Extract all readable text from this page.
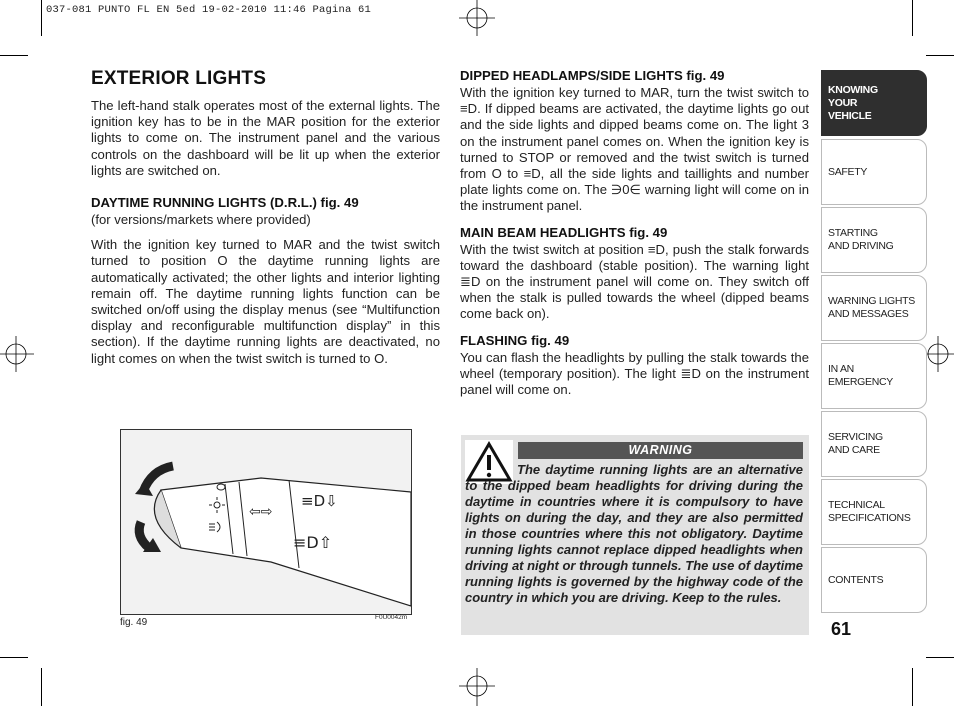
037-081 PUNTO FL EN 5ed 19-02-2010 11:46 Pagina 61
EXTERIOR LIGHTS

The left-hand stalk operates most of the external lights. The ignition key has to be in the MAR position for the exterior lights to come on. The instrument panel and the various controls on the dashboard will be lit up when the exterior lights are switched on.

DAYTIME RUNNING LIGHTS (D.R.L.) fig. 49

(for versions/markets where provided)

With the ignition key turned to MAR and the twist switch turned to position O the daytime running lights are automatically activated; the other lights and interior lighting remain off. The daytime running lights function can be switched on/off using the display menus (see “Multifunction display and reconfigurable multifunction display” in this section). If the daytime running lights are deactivated, no light comes on when the twist switch is turned to O.

DIPPED HEADLAMPS/SIDE LIGHTS fig. 49

With the ignition key turned to MAR, turn the twist switch to ≡D. If dipped beams are activated, the daytime lights go out and the side lights and dipped beams come on. The light 3 on the instrument panel comes on. When the ignition key is turned to STOP or removed and the twist switch is turned from O to ≡D, all the side lights and taillights and number plate lights come on. The ∋0∈ warning light will come on in the instrument panel.

MAIN BEAM HEADLIGHTS fig. 49

With the twist switch at position ≡D, push the stalk forwards toward the dashboard (stable position). The warning light ≣D on the instrument panel will come on. They switch off when the stalk is pulled towards the wheel (dipped beams come back on).

FLASHING fig. 49

You can flash the headlights by pulling the stalk towards the wheel (temporary position). The light ≣D on the instrument panel will come on.

⇦⇨
≡D⇩
≡D⇧
fig. 49	F0U0042m
WARNING
The daytime running lights are an alternative to the dipped beam headlights for driving during the daytime in countries where it is compulsory to have lights on during the day, and they are also permitted in those countries where this not obligatory. Daytime running lights cannot replace dipped headlights when driving at night or through tunnels. The use of daytime running lights is governed by the highway code of the country in which you are driving. Keep to the rules.
KNOWING
YOUR
VEHICLE
SAFETY
STARTING
AND DRIVING
WARNING LIGHTS
AND MESSAGES
IN AN
EMERGENCY
SERVICING
AND CARE
TECHNICAL
SPECIFICATIONS
CONTENTS
61
